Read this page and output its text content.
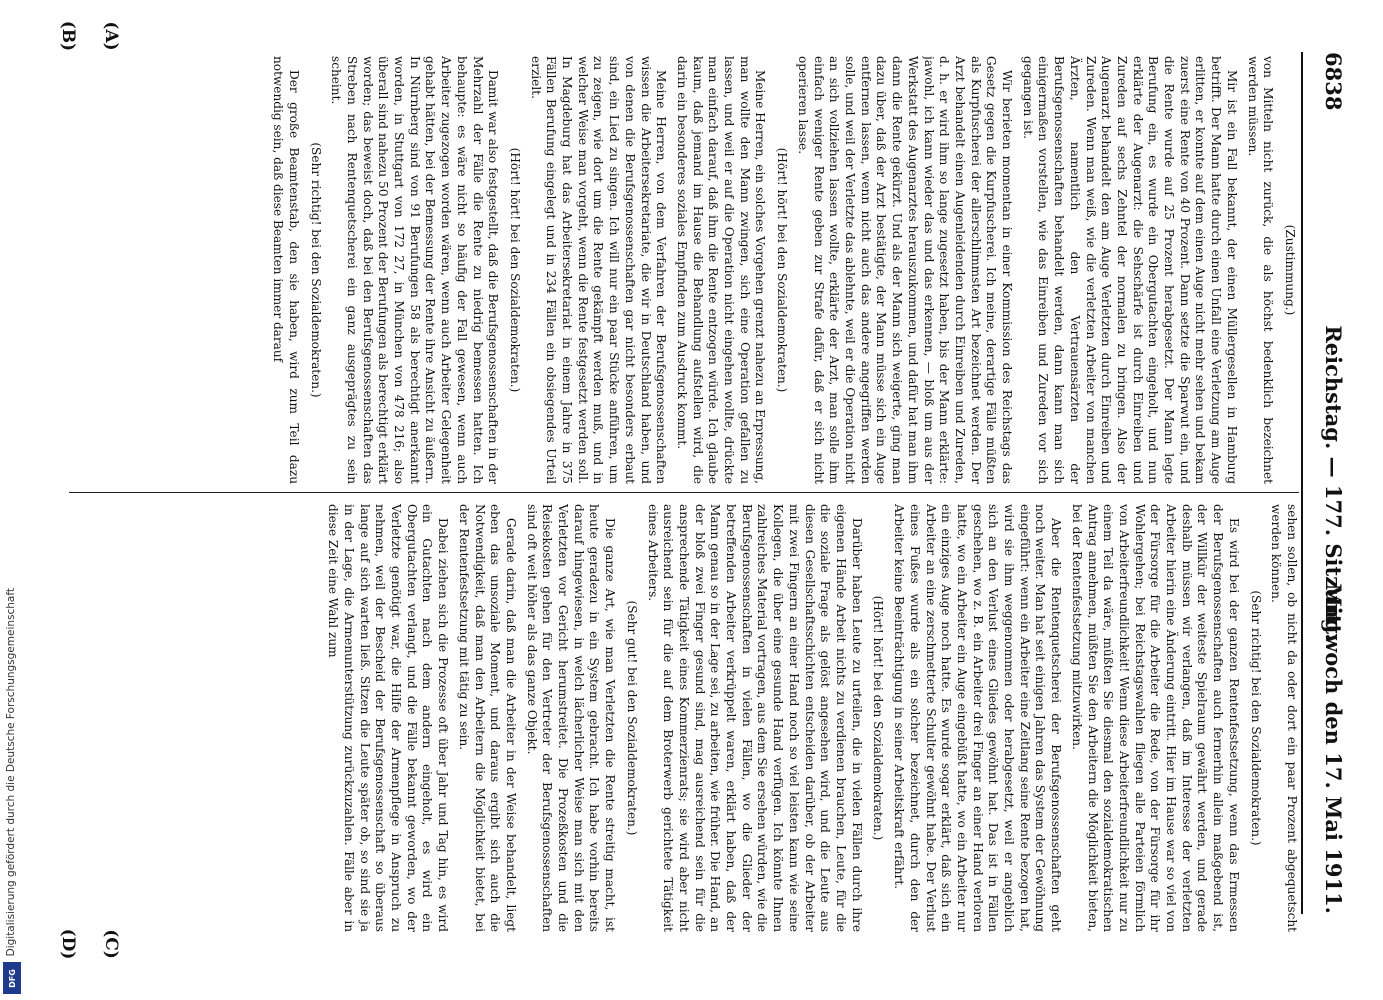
6838
Reichstag. — 177. Sitzung.
Mittwoch den 17. Mai 1911.
(A)
(B)
(C)
(D)

(Zustimmung.)

von Mitteln nicht zurück, die als höchst bedenklich bezeichnet werden müssen.

Mir ist ein Fall bekannt, der einen Müllergesellen in Hamburg betrifft. Der Mann hatte durch einen Unfall eine Verletzung am Auge erlitten, er konnte auf dem einen Auge nicht mehr sehen und bekam zuerst eine Rente von 40 Prozent. Dann setzte die Sparwut ein, und die Rente wurde auf 25 Prozent herabgesetzt. Der Mann legte Berufung ein, es wurde ein Obergutachten eingeholt, und nun erklärte der Augenarzt: die Sehschärfe ist durch Einreiben und Zureden auf sechs Zehntel der normalen zu bringen. Also der Augenarzt behandelt den am Auge Verletzten durch Einreiben und Zureden. Wenn man weiß, wie die verletzten Arbeiter von manchen Ärzten, namentlich den Vertrauensärzten der Berufsgenossenschaften behandelt werden, dann kann man sich einigermaßen vorstellen, wie das Einreiben und Zureden vor sich gegangen ist.

Wir berieten momentan in einer Kommission des Reichstags das Gesetz gegen die Kurpfuscherei. Ich meine, derartige Fälle müßten als Kurpfuscherei der allerschlimmsten Art bezeichnet werden. Der Arzt behandelt einen Augenleidenden durch Einreiben und Zureden, d. h. er wird ihm so lange zugesetzt haben, bis der Mann erklärte: jawohl, ich kann wieder das und das erkennen, — bloß um aus der Werkstatt des Augenarztes herauszukommen, und dafür hat man ihm dann die Rente gekürzt. Und als der Mann sich weigerte, ging man dazu über, daß der Arzt bestätigte, der Mann müsse sich ein Auge entfernen lassen, wenn nicht auch das andere angegriffen werden solle, und weil der Verletzte das ablehnte, weil er die Operation nicht an sich vollziehen lassen wollte, erklärte der Arzt, man solle ihm einfach weniger Rente geben zur Strafe dafür, daß er sich nicht operieren lasse.

(Hört! hört! bei den Sozialdemokraten.)

Meine Herren, ein solches Vorgehen grenzt nahezu an Erpressung, man wollte den Mann zwingen, sich eine Operation gefallen zu lassen, und weil er auf die Operation nicht eingehen wollte, drückte man einfach darauf, daß ihm die Rente entzogen würde. Ich glaube kaum, daß jemand im Hause die Behandlung aufstellen wird, die darin ein besonderes soziales Empfinden zum Ausdruck kommt.

Meine Herren, von dem Verfahren der Berufsgenossenschaften wissen die Arbeitersekretariate, die wir in Deutschland haben, und von denen die Berufsgenossenschaften gar nicht besonders erbaut sind, ein Lied zu singen. Ich will nur ein paar Stücke anführen, um zu zeigen, wie dort um die Rente gekämpft werden muß, und in welcher Weise man vorgeht, wenn die Rente festgesetzt werden soll. In Magdeburg hat das Arbeitersekretariat in einem Jahre in 375 Fällen Berufung eingelegt und in 234 Fällen ein obsiegendes Urteil erzielt.

(Hört! hört! bei den Sozialdemokraten.)

Damit war also festgestellt, daß die Berufsgenossenschaften in der Mehrzahl der Fälle die Rente zu niedrig bemessen hatten. Ich behaupte: es wäre nicht so häufig der Fall gewesen, wenn auch Arbeiter zugezogen worden wären, wenn auch Arbeiter Gelegenheit gehabt hätten, bei der Bemessung der Rente ihre Ansicht zu äußern. In Nürnberg sind von 91 Berufungen 58 als berechtigt anerkannt worden, in Stuttgart von 172 27, in München von 478 216; also überall sind nahezu 50 Prozent der Berufungen als berechtigt erklärt worden; das beweist doch, daß bei den Berufsgenossenschaften das Streben nach Rentenquetscherei ein ganz ausgeprägtes zu sein scheint.

(Sehr richtig! bei den Sozialdemokraten.)

Der große Beamtenstab, den sie haben, wird zum Teil dazu notwendig sein, daß diese Beamten immer darauf

sehen sollen, ob nicht da oder dort ein paar Prozent abgequetscht werden können.

(Sehr richtig! bei den Sozialdemokraten.)

Es wird bei der ganzen Rentenfestsetzung, wenn das Ermessen der Berufsgenossenschaften auch fernerhin allein maßgebend ist, der Willkür der weiteste Spielraum gewährt werden, und gerade deshalb müssen wir verlangen, daß im Interesse der verletzten Arbeiter hierin eine Änderung eintritt. Hier im Hause war so viel von der Fürsorge für die Arbeiter die Rede, von der Fürsorge für ihr Wohlergehen; bei Reichstagswahlen fliegen alle Parteien förmlich von Arbeiterfreundlichkeit! Wenn diese Arbeiterfreundlichkeit nur zu einem Teil da wäre, müßten Sie diesmal den sozialdemokratischen Antrag annehmen, müßten Sie den Arbeitern die Möglichkeit bieten, bei der Rentenfestsetzung mitzuwirken.

Aber die Rentenquetscherei der Berufsgenossenschaften geht noch weiter. Man hat seit einigen Jahren das System der Gewöhnung eingeführt: wenn ein Arbeiter eine Zeitlang seine Rente bezogen hat, wird sie ihm weggenommen oder herabgesetzt, weil er angeblich sich an den Verlust eines Gliedes gewöhnt hat. Das ist in Fällen geschehen, wo z. B. ein Arbeiter drei Finger an einer Hand verloren hatte, wo ein Arbeiter ein Auge eingebüßt hatte, wo ein Arbeiter nur ein einziges Auge noch hatte. Es wurde sogar erklärt, daß sich ein Arbeiter an eine zerschmetterte Schulter gewöhnt habe. Der Verlust eines Fußes wurde als ein solcher bezeichnet, durch den der Arbeiter keine Beeinträchtigung in seiner Arbeitskraft erfährt.

(Hört! hört! bei den Sozialdemokraten.)

Darüber haben Leute zu urteilen, die in vielen Fällen durch ihre eigenen Hände Arbeit nichts zu verdienen brauchen, Leute, für die die soziale Frage als gelöst angesehen wird, und die Leute aus diesen Gesellschaftsschichten entscheiden darüber, ob der Arbeiter mit zwei Fingern an einer Hand noch so viel leisten kann wie seine Kollegen, die über eine gesunde Hand verfügen. Ich könnte Ihnen zahlreiches Material vortragen, aus dem Sie ersehen würden, wie die Berufsgenossenschaften in vielen Fällen, wo die Glieder der betreffenden Arbeiter verkrüppelt waren, erklärt haben, daß der Mann genau so in der Lage sei, zu arbeiten, wie früher. Die Hand, an der bloß zwei Finger gesund sind, mag ausreichend sein für die ansprechende Tätigkeit eines Kommerzienrats; sie wird aber nicht ausreichend sein für die auf dem Broterwerb gerichtete Tätigkeit eines Arbeiters.

(Sehr gut! bei den Sozialdemokraten.)

Die ganze Art, wie man Verletzten die Rente streitig macht, ist heute geradezu in ein System gebracht. Ich habe vorhin bereits darauf hingewiesen, in welch lächerlicher Weise man sich mit den Verletzten vor Gericht herumstreitet. Die Prozeßkosten und die Reisekosten gehen für den Vertreter der Berufsgenossenschaften sind oft weit höher als das ganze Objekt.

Gerade darin, daß man die Arbeiter in der Weise behandelt, liegt eben das unsoziale Moment, und daraus ergibt sich auch die Notwendigkeit, daß man den Arbeitern die Möglichkeit bietet, bei der Rentenfestsetzung mit tätig zu sein.

Dabei ziehen sich die Prozesse oft über Jahr und Tag hin, es wird ein Gutachten nach dem andern eingeholt, es wird ein Obergutachten verlangt, und die Fälle bekannt geworden, wo der Verletzte genötigt war, die Hilfe der Armenpflege in Anspruch zu nehmen, weil der Bescheid der Berufsgenossenschaft so überaus lange auf sich warten ließ. Sitzen die Leute später ob, so sind sie ja in der Lage, die Armenunterstützung zurückzuzahlen. Fälle aber in diese Zeit eine Wahl zum

Digitalisierung gefördert durch die Deutsche Forschungsgemeinschaft
DFG
